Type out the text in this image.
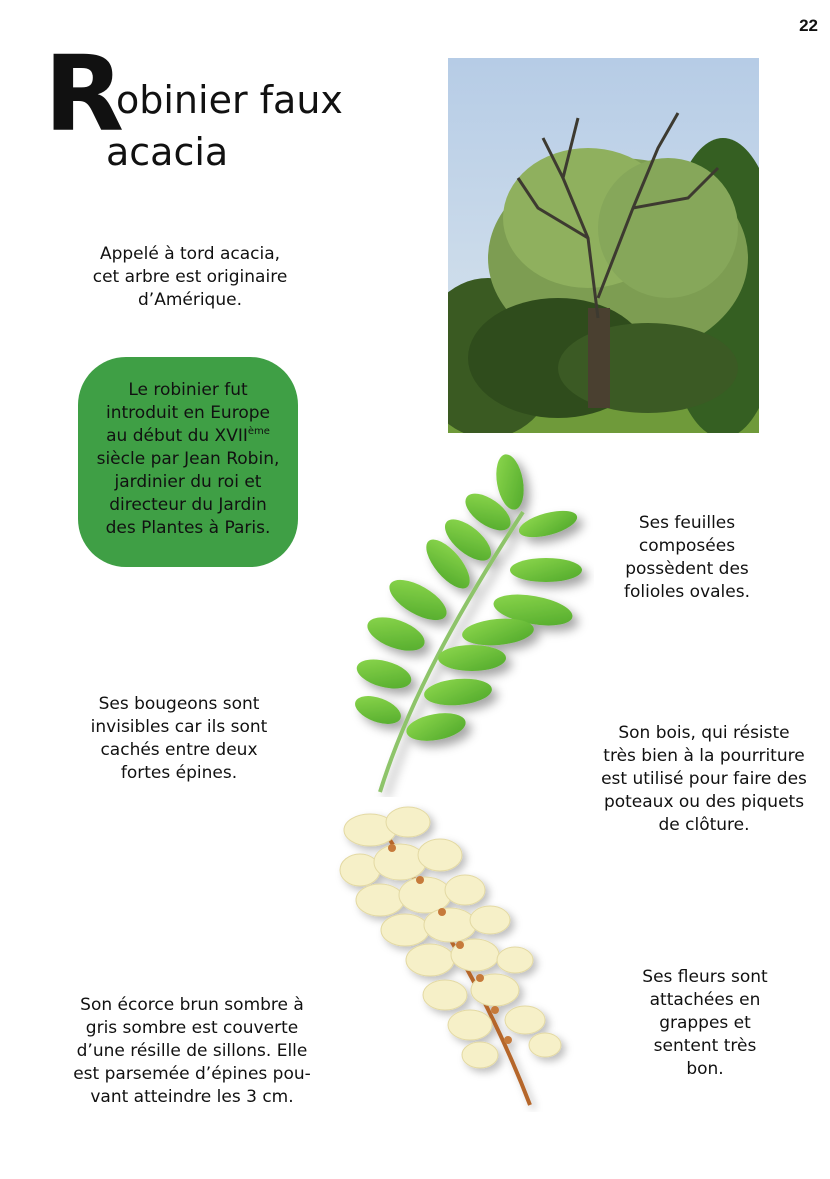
22
R
obinier faux
acacia
Appelé à tord acacia,
cet arbre est originaire
d’Amérique.

Le robinier fut

introduit en Europe

au début du XVIIème

siècle par Jean Robin,

jardinier du roi et

directeur du Jardin

des Plantes à Paris.	Ses feuilles
composées
possèdent des
folioles ovales.
Ses bougeons sont
invisibles car ils sont
cachés entre deux
fortes épines.
Son bois, qui résiste
très bien à la pourriture
est utilisé pour faire des
poteaux ou des piquets
de clôture.
Ses fleurs sont
attachées en
grappes et
sentent très
bon.
Son écorce brun sombre à
gris sombre est couverte
d’une résille de sillons. Elle
est parsemée d’épines pou-
vant atteindre les 3 cm.
